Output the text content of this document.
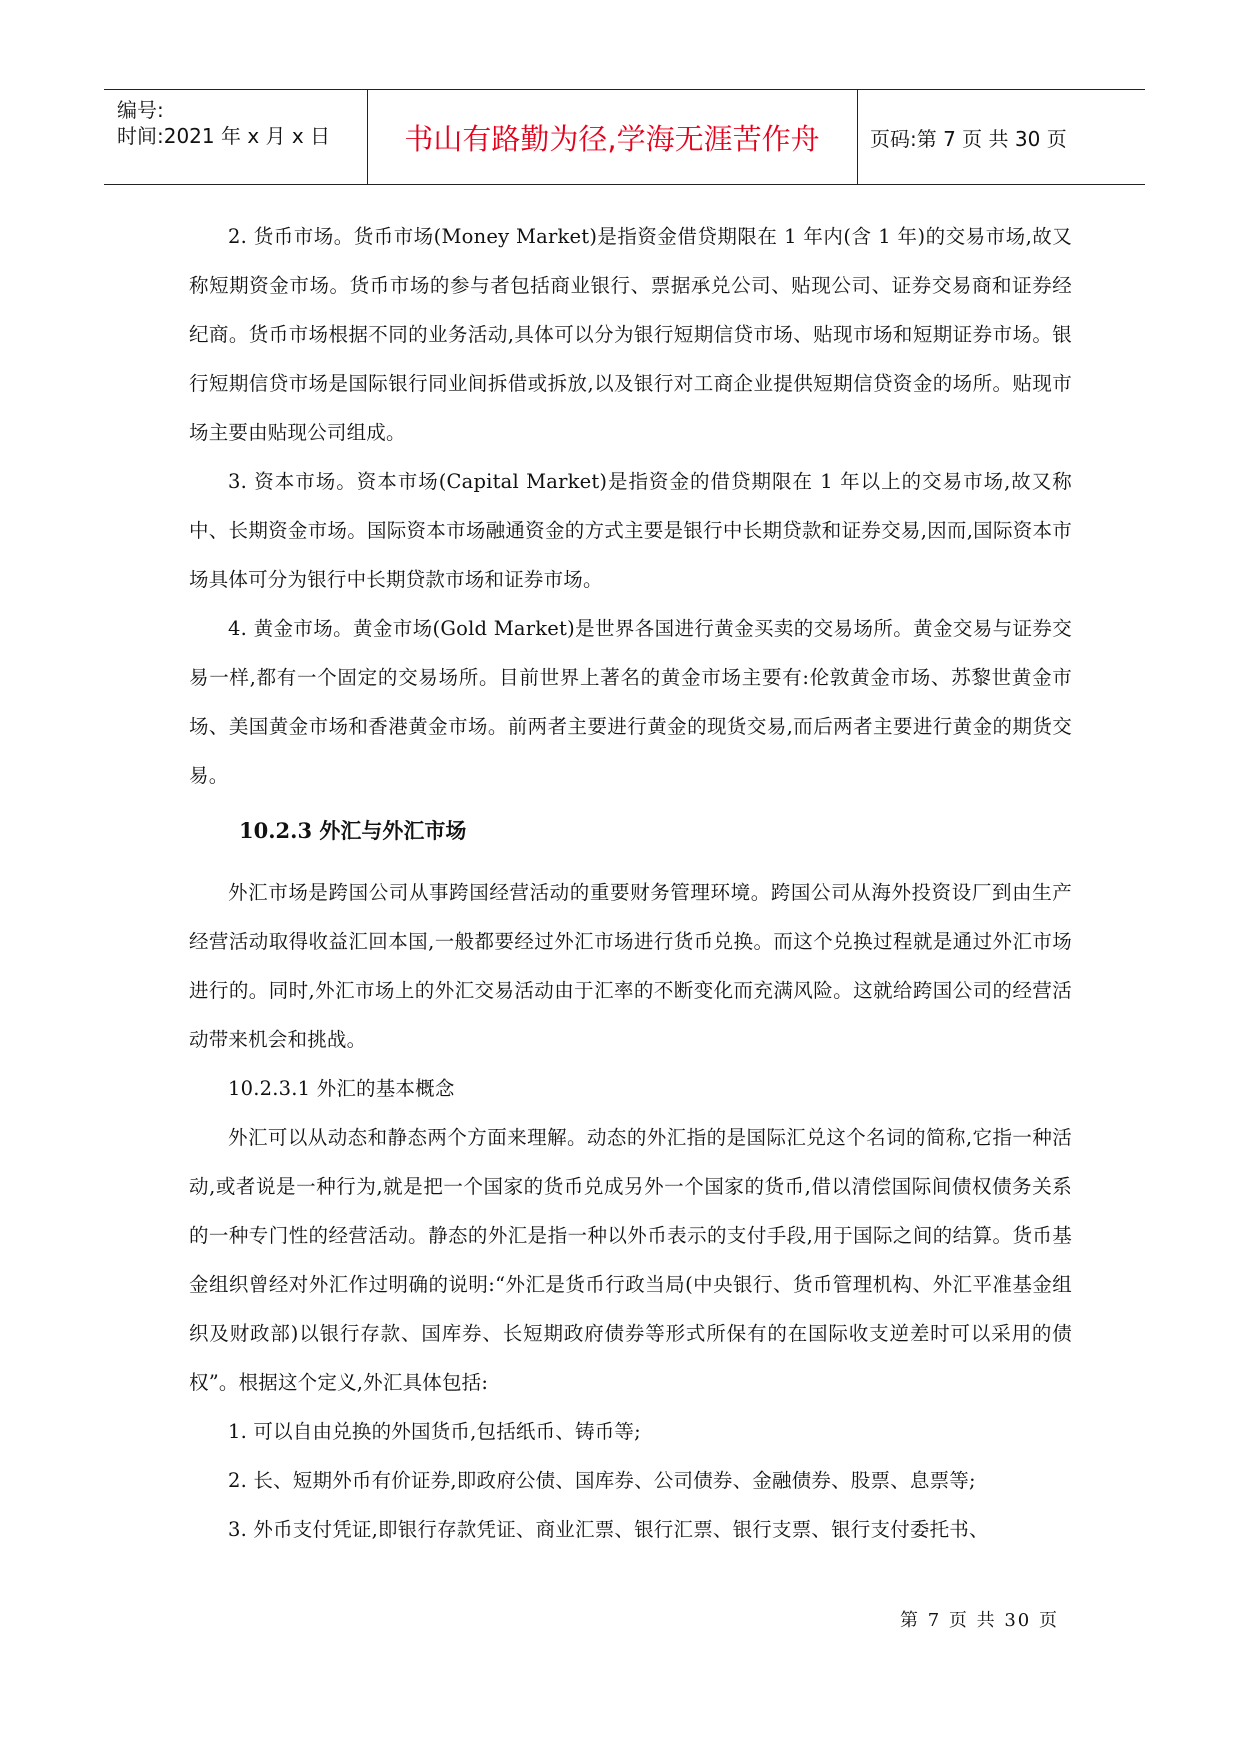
编号:
时间:2021 年 x 月 x 日	书山有路勤为径,学海无涯苦作舟	页码:第 7 页 共 30 页

2. 货币市场。货币市场(Money Market)是指资金借贷期限在 1 年内(含 1 年)的交易市场,故又称短期资金市场。货币市场的参与者包括商业银行、票据承兑公司、贴现公司、证券交易商和证券经纪商。货币市场根据不同的业务活动,具体可以分为银行短期信贷市场、贴现市场和短期证券市场。银行短期信贷市场是国际银行同业间拆借或拆放,以及银行对工商企业提供短期信贷资金的场所。贴现市场主要由贴现公司组成。

3. 资本市场。资本市场(Capital Market)是指资金的借贷期限在 1 年以上的交易市场,故又称中、长期资金市场。国际资本市场融通资金的方式主要是银行中长期贷款和证券交易,因而,国际资本市场具体可分为银行中长期贷款市场和证券市场。

4. 黄金市场。黄金市场(Gold Market)是世界各国进行黄金买卖的交易场所。黄金交易与证券交易一样,都有一个固定的交易场所。目前世界上著名的黄金市场主要有:伦敦黄金市场、苏黎世黄金市场、美国黄金市场和香港黄金市场。前两者主要进行黄金的现货交易,而后两者主要进行黄金的期货交易。

10.2.3 外汇与外汇市场

外汇市场是跨国公司从事跨国经营活动的重要财务管理环境。跨国公司从海外投资设厂到由生产经营活动取得收益汇回本国,一般都要经过外汇市场进行货币兑换。而这个兑换过程就是通过外汇市场进行的。同时,外汇市场上的外汇交易活动由于汇率的不断变化而充满风险。这就给跨国公司的经营活动带来机会和挑战。

10.2.3.1 外汇的基本概念

外汇可以从动态和静态两个方面来理解。动态的外汇指的是国际汇兑这个名词的简称,它指一种活动,或者说是一种行为,就是把一个国家的货币兑成另外一个国家的货币,借以清偿国际间债权债务关系的一种专门性的经营活动。静态的外汇是指一种以外币表示的支付手段,用于国际之间的结算。货币基金组织曾经对外汇作过明确的说明:“外汇是货币行政当局(中央银行、货币管理机构、外汇平准基金组织及财政部)以银行存款、国库券、长短期政府债券等形式所保有的在国际收支逆差时可以采用的债权”。根据这个定义,外汇具体包括:

1. 可以自由兑换的外国货币,包括纸币、铸币等;

2. 长、短期外币有价证券,即政府公债、国库券、公司债券、金融债券、股票、息票等;

3. 外币支付凭证,即银行存款凭证、商业汇票、银行汇票、银行支票、银行支付委托书、

第 7 页 共 30 页
